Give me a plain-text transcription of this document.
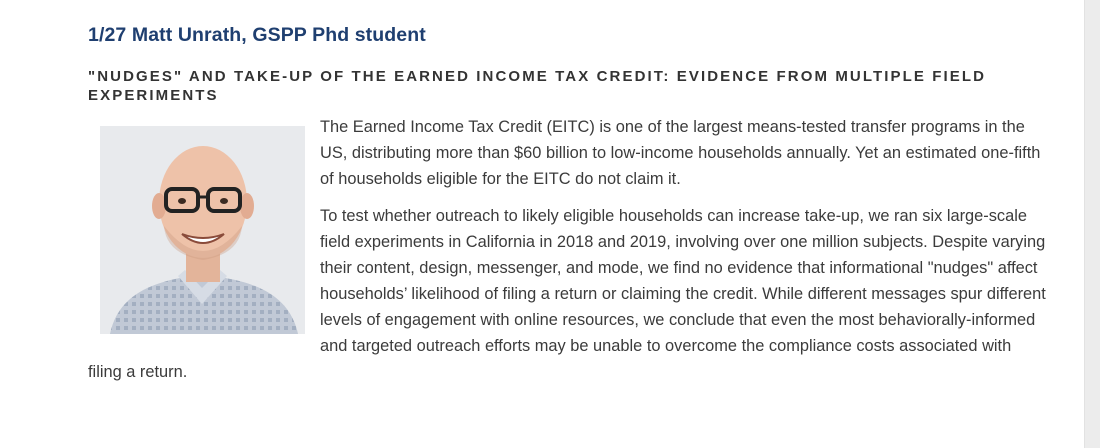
1/27 Matt Unrath, GSPP Phd student
"NUDGES" AND TAKE-UP OF THE EARNED INCOME TAX CREDIT: EVIDENCE FROM MULTIPLE FIELD EXPERIMENTS

The Earned Income Tax Credit (EITC) is one of the largest means-tested transfer programs in the US, distributing more than $60 billion to low-income households annually. Yet an estimated one-fifth of households eligible for the EITC do not claim it.

To test whether outreach to likely eligible households can increase take-up, we ran six large-scale field experiments in California in 2018 and 2019, involving over one million subjects. Despite varying their content, design, messenger, and mode, we find no evidence that informational "nudges" affect households’ likelihood of filing a return or claiming the credit. While different messages spur different levels of engagement with online resources, we conclude that even the most behaviorally-informed and targeted outreach efforts may be unable to overcome the compliance costs associated with filing a return.
